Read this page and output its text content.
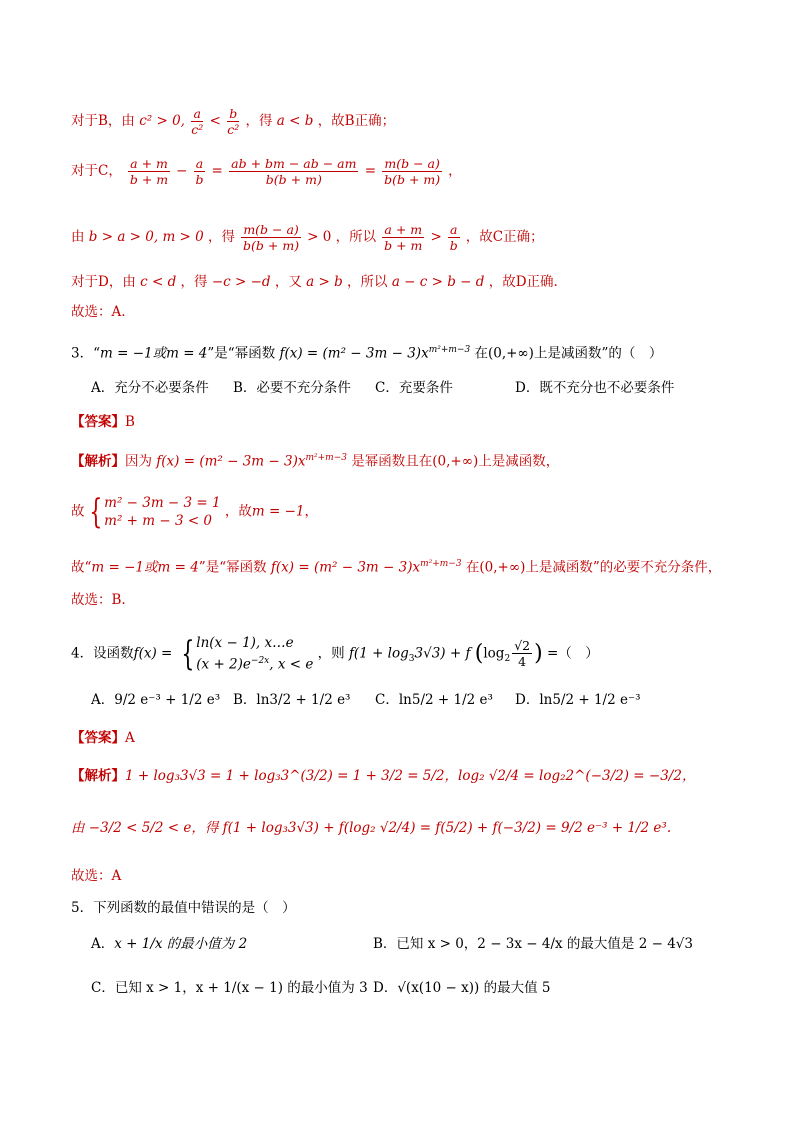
对于B，由 c² > 0, $\frac{a}{\text{c²}} < \frac{b}{\text{c²}}$ ，得 a < b ，故B正确；
对于C， $\frac{a + m}{b + m} - \frac{a}{b} = \frac{ab + bm - ab - am}{b(b + m)} = \frac{m(b - a)}{b(b + m)}$ ，
由 b > a > 0, m > 0 ，得 $\frac{m(b - a)}{b(b + m)} > 0$ ，所以 $\frac{a + m}{b + m} > \frac{a}{b}$ ，故C正确；
对于D，由 c < d ，得 −c > −d ，又 a > b ，所以 a − c > b − d ，故D正确.
故选：A.
3．“m = −1或m = 4”是“幂函数 $f(x) = (m^2 - 3m - 3)x^{m^2+m-3}$ 在(0,+∞)上是减函数”的（　）
A．充分不必要条件 B．必要不充分条件 C．充要条件	D．既不充分也不必要条件
【答案】B
【解析】因为 $f(x) = (m^2 - 3m - 3)x^{m^2+m-3}$ 是幂函数且在(0,+∞)上是减函数，
故 { m² − 3m − 3 = 1
m² + m − 3 < 0
，故m = −1，
故“m = −1或m = 4”是“幂函数 $f(x) = (m^2 - 3m - 3)x^{m^2+m-3}$ 在(0,+∞)上是减函数”的必要不充分条件，
故选：B.
4．设函数f(x) = { ln(x − 1), x…e
$(x + 2)e^{-2x}$, x < e
，则 $f(1 + \log_33√3) + f$ ($\log_2 \frac{√2}{4}$ ) =（　）
A．9/2 e⁻³ + 1/2 e³ B．ln3/2 + 1/2 e³ C．ln5/2 + 1/2 e³ D．ln5/2 + 1/2 e⁻³
【答案】A
【解析】1 + log₃3√3 = 1 + log₃3^(3/2) = 1 + 3/2 = 5/2，log₂ √2/4 = log₂2^(−3/2) = −3/2，
由 −3/2 < 5/2 < e，得 f(1 + log₃3√3) + f(log₂ √2/4) = f(5/2) + f(−3/2) = 9/2 e⁻³ + 1/2 e³.
故选：A
5．下列函数的最值中错误的是（　）
A．x + 1/x 的最小值为 2	B．已知 x > 0，2 − 3x − 4/x 的最大值是 2 − 4√3
C．已知 x > 1，x + 1/(x − 1) 的最小值为 3 D．√(x(10 − x)) 的最大值 5
